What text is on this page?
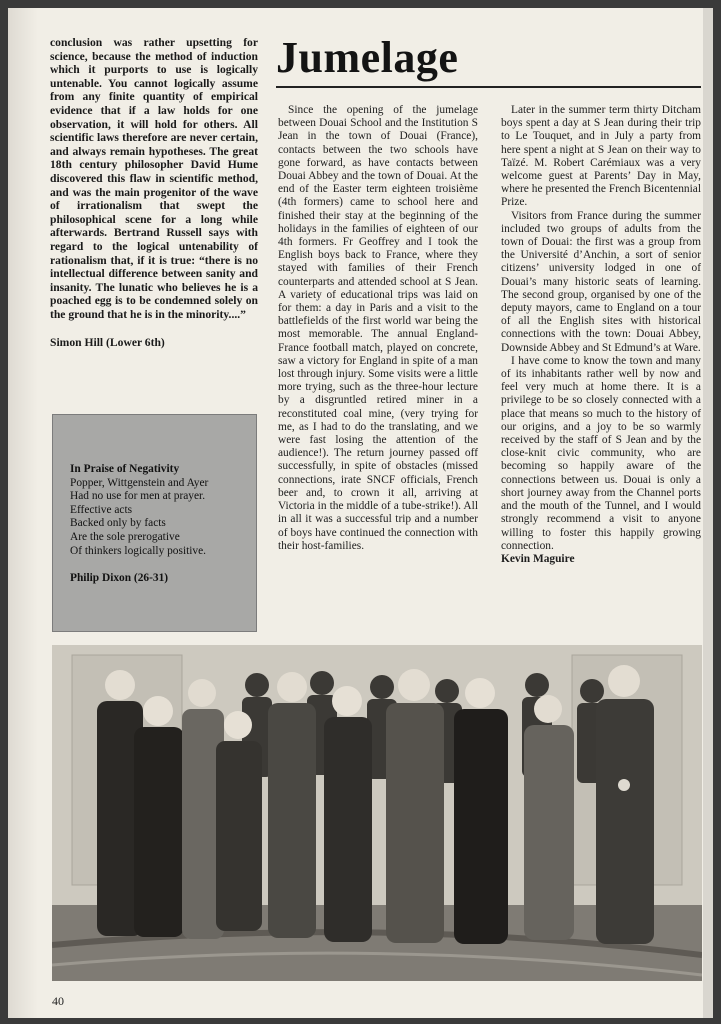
conclusion was rather upsetting for science, because the method of induction which it purports to use is logically untenable. You cannot logically assume from any finite quantity of empirical evidence that if a law holds for one observation, it will hold for others. All scientific laws therefore are never certain, and always remain hypotheses. The great 18th century philosopher David Hume discovered this flaw in scientific method, and was the main progenitor of the wave of irrationalism that swept the philosophical scene for a long while afterwards. Bertrand Russell says with regard to the logical untenability of rationalism that, if it is true: “there is no intellectual difference between sanity and insanity. The lunatic who believes he is a poached egg is to be condemned solely on the ground that he is in the minority....”

Simon Hill (Lower 6th)

In Praise of Negativity
Popper, Wittgenstein and Ayer
Had no use for men at prayer.
Effective acts
Backed only by facts
Are the sole prerogative
Of thinkers logically positive.
Philip Dixon (26-31)
Jumelage

Since the opening of the jumelage between Douai School and the Institution S Jean in the town of Douai (France), contacts between the two schools have gone forward, as have contacts between Douai Abbey and the town of Douai. At the end of the Easter term eighteen troisième (4th formers) came to school here and finished their stay at the beginning of the holidays in the families of eighteen of our 4th formers. Fr Geoffrey and I took the English boys back to France, where they stayed with families of their French counterparts and attended school at S Jean. A variety of educational trips was laid on for them: a day in Paris and a visit to the battlefields of the first world war being the most memorable. The annual England-France football match, played on concrete, saw a victory for England in spite of a man lost through injury. Some visits were a little more trying, such as the three-hour lecture by a disgruntled retired miner in a reconstituted coal mine, (very trying for me, as I had to do the translating, and we were fast losing the attention of the audience!). The return journey passed off successfully, in spite of obstacles (missed connections, irate SNCF officials, French beer and, to crown it all, arriving at Victoria in the middle of a tube-strike!). All in all it was a successful trip and a number of boys have continued the connection with their host-families.

Later in the summer term thirty Ditcham boys spent a day at S Jean during their trip to Le Touquet, and in July a party from here spent a night at S Jean on their way to Taïzé. M. Robert Carémiaux was a very welcome guest at Parents’ Day in May, where he presented the French Bicentennial Prize.

Visitors from France during the summer included two groups of adults from the town of Douai: the first was a group from the Université d’Anchin, a sort of senior citizens’ university lodged in one of Douai’s many historic seats of learning. The second group, organised by one of the deputy mayors, came to England on a tour of all the English sites with historical connections with the town: Douai Abbey, Downside Abbey and St Edmund’s at Ware.

I have come to know the town and many of its inhabitants rather well by now and feel very much at home there. It is a privilege to be so closely connected with a place that means so much to the history of our origins, and a joy to be so warmly received by the staff of S Jean and by the close-knit civic community, who are becoming so happily aware of the connections between us. Douai is only a short journey away from the Channel ports and the mouth of the Tunnel, and I would strongly recommend a visit to anyone willing to foster this happily growing connection.

Kevin Maguire

40
